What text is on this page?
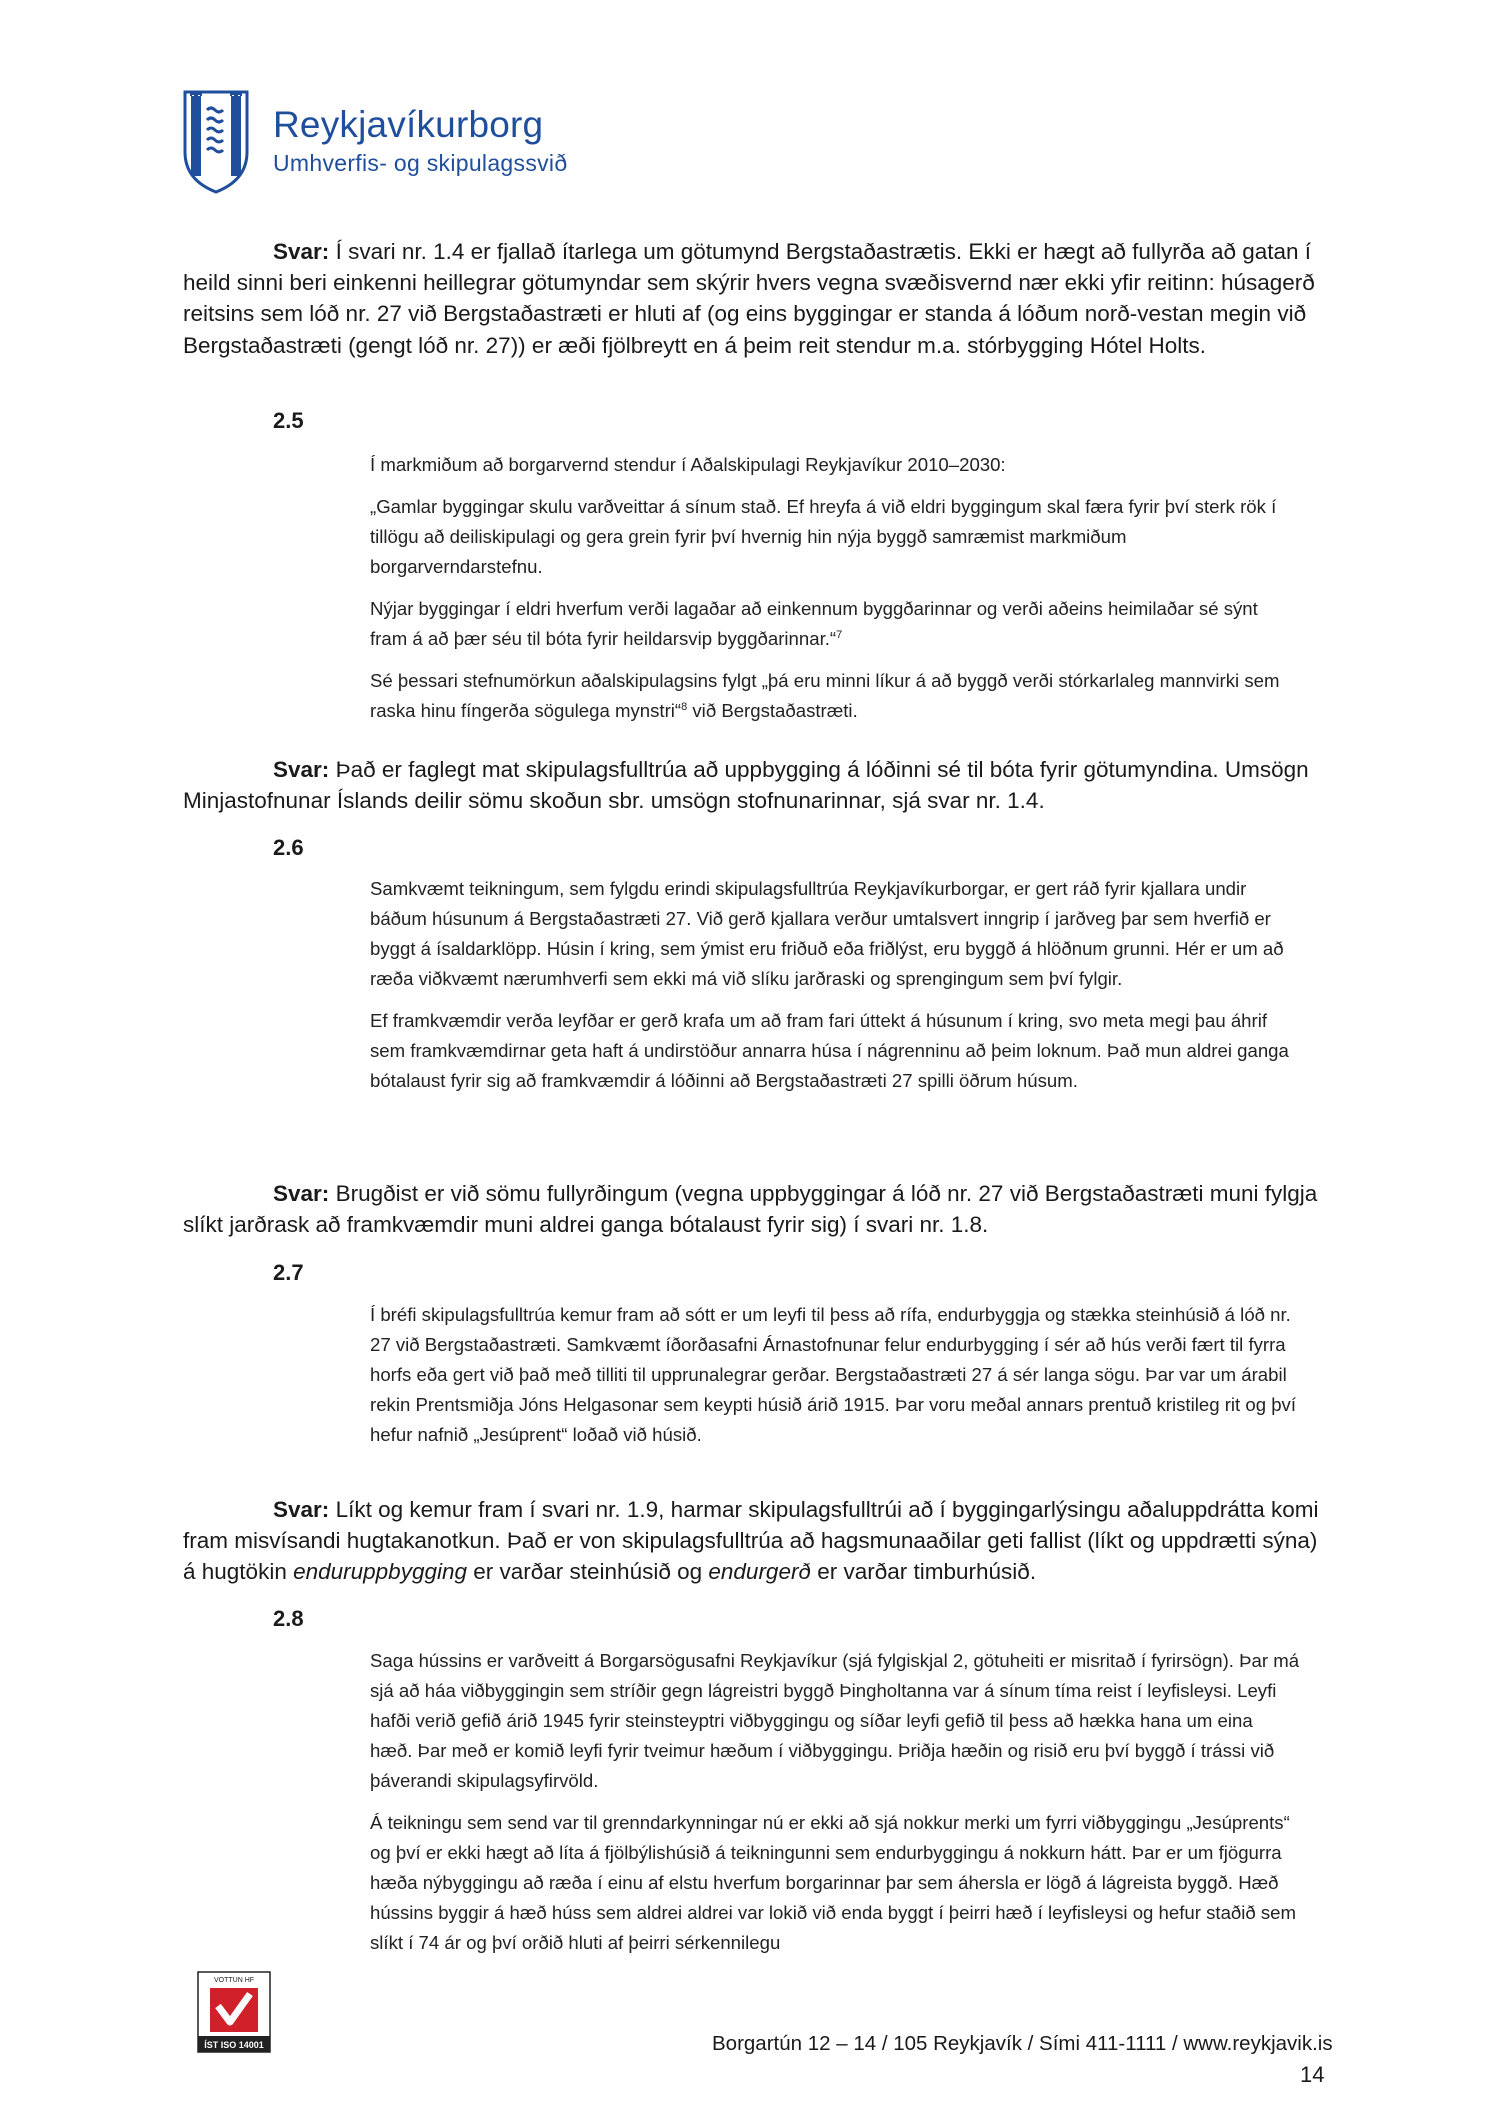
Reykjavíkurborg
Umhverfis- og skipulagssvið
Svar: Í svari nr. 1.4 er fjallað ítarlega um götumynd Bergstaðastrætis. Ekki er hægt að fullyrða að gatan í heild sinni beri einkenni heillegrar götumyndar sem skýrir hvers vegna svæðisvernd nær ekki yfir reitinn: húsagerð reitsins sem lóð nr. 27 við Bergstaðastræti er hluti af (og eins byggingar er standa á lóðum norð-vestan megin við Bergstaðastræti (gengt lóð nr. 27)) er æði fjölbreytt en á þeim reit stendur m.a. stórbygging Hótel Holts.
2.5

Í markmiðum að borgarvernd stendur í Aðalskipulagi Reykjavíkur 2010–2030:

„Gamlar byggingar skulu varðveittar á sínum stað. Ef hreyfa á við eldri byggingum skal færa fyrir því sterk rök í tillögu að deiliskipulagi og gera grein fyrir því hvernig hin nýja byggð samræmist markmiðum borgarverndarstefnu.

Nýjar byggingar í eldri hverfum verði lagaðar að einkennum byggðarinnar og verði aðeins heimilaðar sé sýnt fram á að þær séu til bóta fyrir heildarsvip byggðarinnar.“$^7$

Sé þessari stefnumörkun aðalskipulagsins fylgt „þá eru minni líkur á að byggð verði stórkarlaleg mannvirki sem raska hinu fíngerða sögulega mynstri“$^8$ við Bergstaðastræti.

Svar: Það er faglegt mat skipulagsfulltrúa að uppbygging á lóðinni sé til bóta fyrir götumyndina. Umsögn Minjastofnunar Íslands deilir sömu skoðun sbr. umsögn stofnunarinnar, sjá svar nr. 1.4.
2.6

Samkvæmt teikningum, sem fylgdu erindi skipulagsfulltrúa Reykjavíkurborgar, er gert ráð fyrir kjallara undir báðum húsunum á Bergstaðastræti 27. Við gerð kjallara verður umtalsvert inngrip í jarðveg þar sem hverfið er byggt á ísaldarklöpp. Húsin í kring, sem ýmist eru friðuð eða friðlýst, eru byggð á hlöðnum grunni. Hér er um að ræða viðkvæmt nærumhverfi sem ekki má við slíku jarðraski og sprengingum sem því fylgir.

Ef framkvæmdir verða leyfðar er gerð krafa um að fram fari úttekt á húsunum í kring, svo meta megi þau áhrif sem framkvæmdirnar geta haft á undirstöður annarra húsa í nágrenninu að þeim loknum. Það mun aldrei ganga bótalaust fyrir sig að framkvæmdir á lóðinni að Bergstaðastræti 27 spilli öðrum húsum.

Svar: Brugðist er við sömu fullyrðingum (vegna uppbyggingar á lóð nr. 27 við Bergstaðastræti muni fylgja slíkt jarðrask að framkvæmdir muni aldrei ganga bótalaust fyrir sig) í svari nr. 1.8.
2.7

Í bréfi skipulagsfulltrúa kemur fram að sótt er um leyfi til þess að rífa, endurbyggja og stækka steinhúsið á lóð nr. 27 við Bergstaðastræti. Samkvæmt íðorðasafni Árnastofnunar felur endurbygging í sér að hús verði fært til fyrra horfs eða gert við það með tilliti til upprunalegrar gerðar. Bergstaðastræti 27 á sér langa sögu. Þar var um árabil rekin Prentsmiðja Jóns Helgasonar sem keypti húsið árið 1915. Þar voru meðal annars prentuð kristileg rit og því hefur nafnið „Jesúprent“ loðað við húsið.

Svar: Líkt og kemur fram í svari nr. 1.9, harmar skipulagsfulltrúi að í byggingarlýsingu aðaluppdrátta komi fram misvísandi hugtakanotkun. Það er von skipulagsfulltrúa að hagsmunaaðilar geti fallist (líkt og uppdrætti sýna) á hugtökin enduruppbygging er varðar steinhúsið og endurgerð er varðar timburhúsið.
2.8

Saga hússins er varðveitt á Borgarsögusafni Reykjavíkur (sjá fylgiskjal 2, götuheiti er misritað í fyrirsögn). Þar má sjá að háa viðbyggingin sem stríðir gegn lágreistri byggð Þingholtanna var á sínum tíma reist í leyfisleysi. Leyfi hafði verið gefið árið 1945 fyrir steinsteyptri viðbyggingu og síðar leyfi gefið til þess að hækka hana um eina hæð. Þar með er komið leyfi fyrir tveimur hæðum í viðbyggingu. Þriðja hæðin og risið eru því byggð í trássi við þáverandi skipulagsyfirvöld.

Á teikningu sem send var til grenndarkynningar nú er ekki að sjá nokkur merki um fyrri viðbyggingu „Jesúprents“ og því er ekki hægt að líta á fjölbýlishúsið á teikningunni sem endurbyggingu á nokkurn hátt. Þar er um fjögurra hæða nýbyggingu að ræða í einu af elstu hverfum borgarinnar þar sem áhersla er lögð á lágreista byggð. Hæð hússins byggir á hæð húss sem aldrei aldrei var lokið við enda byggt í þeirri hæð í leyfisleysi og hefur staðið sem slíkt í 74 ár og því orðið hluti af þeirri sérkennilegu

VOTTUN HF
ÍST ISO 14001	Borgartún 12 – 14 / 105 Reykjavík / Sími 411-1111 / www.reykjavik.is
14
